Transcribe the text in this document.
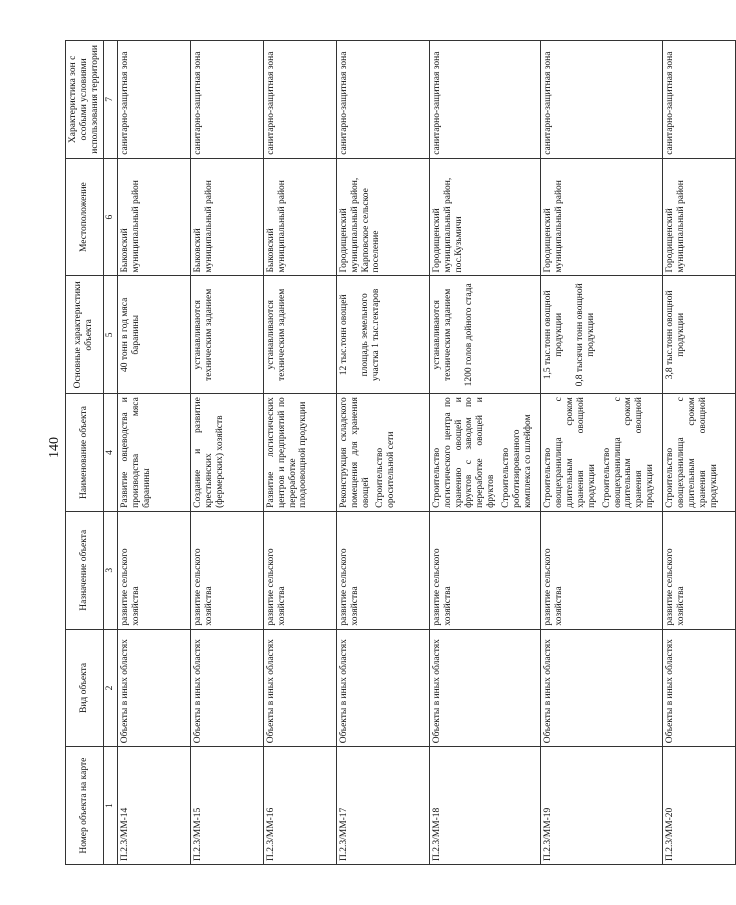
140
Номер объекта на карте	Вид объекта	Назначение объекта	Наименование объекта	Основные характеристики объекта	Местоположение	Характеристика зон с особыми условиями использования территории
1	2	3	4	5	6	7
П.2.3/ММ-14	Объекты в иных областях	развитие сельского хозяйства	Развитие овцеводства и производства мяса баранины	40 тонн в год мяса баранины	Быковский муниципальный район	санитарно-защитная зона
П.2.3/ММ-15	Объекты в иных областях	развитие сельского хозяйства	Создание и развитие крестьянских (фермерских) хозяйств	устанавливаются техническим заданием	Быковский муниципальный район	санитарно-защитная зона
П.2.3/ММ-16	Объекты в иных областях	развитие сельского хозяйства	Развитие логистических центров и предприятий по переработке плодоовощной продукции	устанавливаются техническим заданием	Быковский муниципальный район	санитарно-защитная зона
П.2.3/ММ-17	Объекты в иных областях	развитие сельского хозяйства	Реконструкция складского помещения для хранения овощей Строительство оросительной сети	12 тыс.тонн овощей площадь земельного участка 1 тыс.гектаров	Городищенский муниципальный район, Карповское сельское поселение	санитарно-защитная зона
П.2.3/ММ-18	Объекты в иных областях	развитие сельского хозяйства	Строительство логистического центра по хранению овощей и фруктов с заводом по переработке овощей и фруктов Строительство роботизированного комплекса со шлейфом	устанавливаются техническим заданием 1200 голов дойного стада	Городищенский муниципальный район, пос.Кузьмичи	санитарно-защитная зона
П.2.3/ММ-19	Объекты в иных областях	развитие сельского хозяйства	Строительство овощехранилища с длительным сроком хранения овощной продукции Строительство овощехранилища с длительным сроком хранения овощной продукции	1,5 тыс.тонн овощной продукции 0,8 тысячи тонн овощной продукции	Городищенский муниципальный район	санитарно-защитная зона
П.2.3/ММ-20	Объекты в иных областях	развитие сельского хозяйства	Строительство овощехранилища с длительным сроком хранения овощной продукции	3,8 тыс.тонн овощной продукции	Городищенский муниципальный район	санитарно-защитная зона
